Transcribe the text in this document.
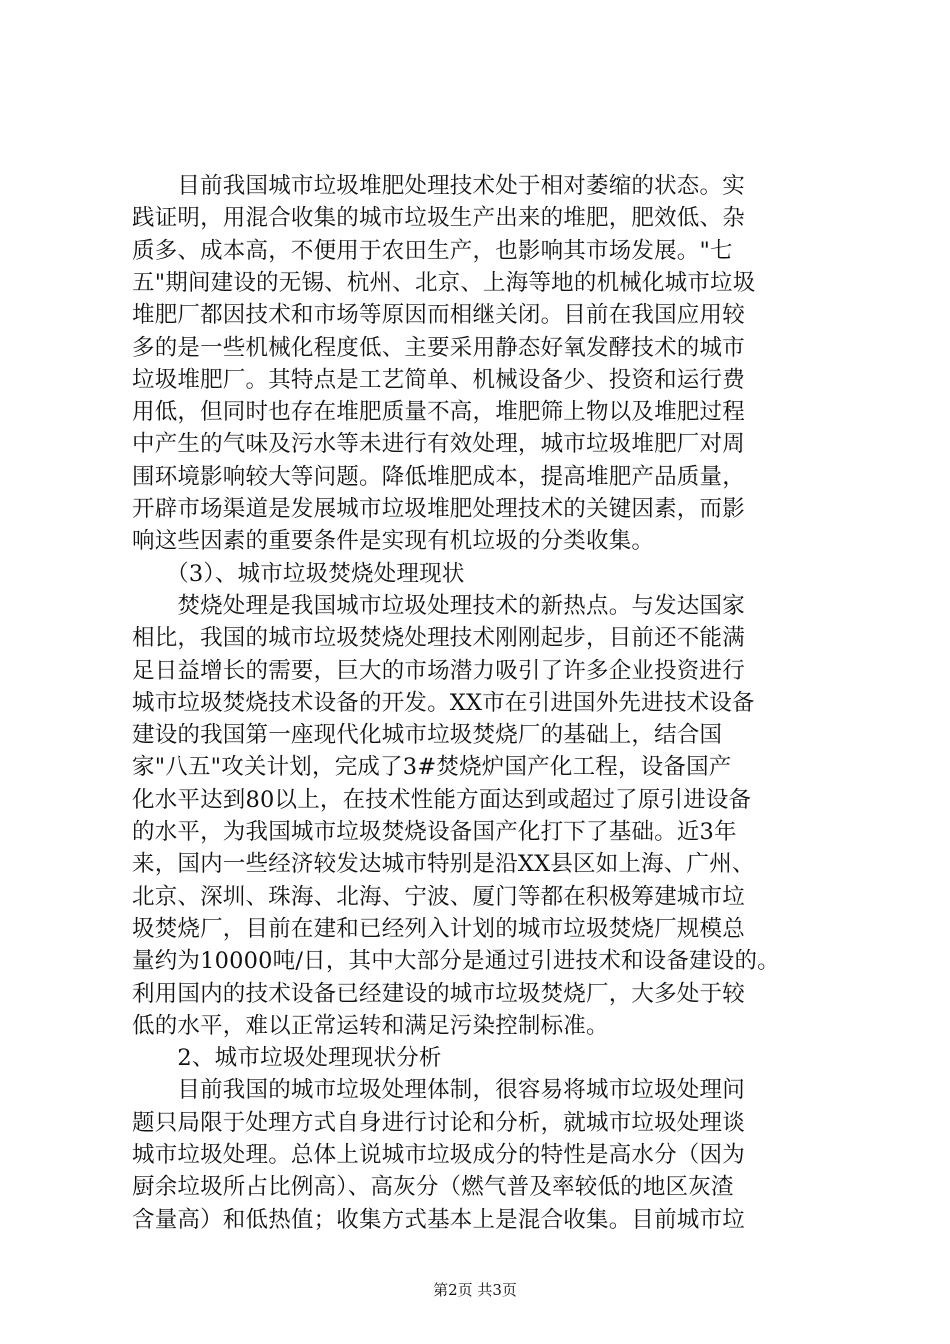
　　目前我国城市垃圾堆肥处理技术处于相对萎缩的状态。实
践证明，用混合收集的城市垃圾生产出来的堆肥，肥效低、杂
质多、成本高，不便用于农田生产，也影响其市场发展。"七
五"期间建设的无锡、杭州、北京、上海等地的机械化城市垃圾
堆肥厂都因技术和市场等原因而相继关闭。目前在我国应用较
多的是一些机械化程度低、主要采用静态好氧发酵技术的城市
垃圾堆肥厂。其特点是工艺简单、机械设备少、投资和运行费
用低，但同时也存在堆肥质量不高，堆肥筛上物以及堆肥过程
中产生的气味及污水等未进行有效处理，城市垃圾堆肥厂对周
围环境影响较大等问题。降低堆肥成本，提高堆肥产品质量，
开辟市场渠道是发展城市垃圾堆肥处理技术的关键因素，而影
响这些因素的重要条件是实现有机垃圾的分类收集。
　　（3）、城市垃圾焚烧处理现状
　　焚烧处理是我国城市垃圾处理技术的新热点。与发达国家
相比，我国的城市垃圾焚烧处理技术刚刚起步，目前还不能满
足日益增长的需要，巨大的市场潜力吸引了许多企业投资进行
城市垃圾焚烧技术设备的开发。XX市在引进国外先进技术设备
建设的我国第一座现代化城市垃圾焚烧厂的基础上，结合国
家"八五"攻关计划，完成了3#焚烧炉国产化工程，设备国产
化水平达到80以上，在技术性能方面达到或超过了原引进设备
的水平，为我国城市垃圾焚烧设备国产化打下了基础。近3年
来，国内一些经济较发达城市特别是沿XX县区如上海、广州、
北京、深圳、珠海、北海、宁波、厦门等都在积极筹建城市垃
圾焚烧厂，目前在建和已经列入计划的城市垃圾焚烧厂规模总
量约为10000吨/日，其中大部分是通过引进技术和设备建设的。
利用国内的技术设备已经建设的城市垃圾焚烧厂，大多处于较
低的水平，难以正常运转和满足污染控制标准。
　　2、城市垃圾处理现状分析
　　目前我国的城市垃圾处理体制，很容易将城市垃圾处理问
题只局限于处理方式自身进行讨论和分析，就城市垃圾处理谈
城市垃圾处理。总体上说城市垃圾成分的特性是高水分（因为
厨余垃圾所占比例高）、高灰分（燃气普及率较低的地区灰渣
含量高）和低热值；收集方式基本上是混合收集。目前城市垃
第2页 共3页
